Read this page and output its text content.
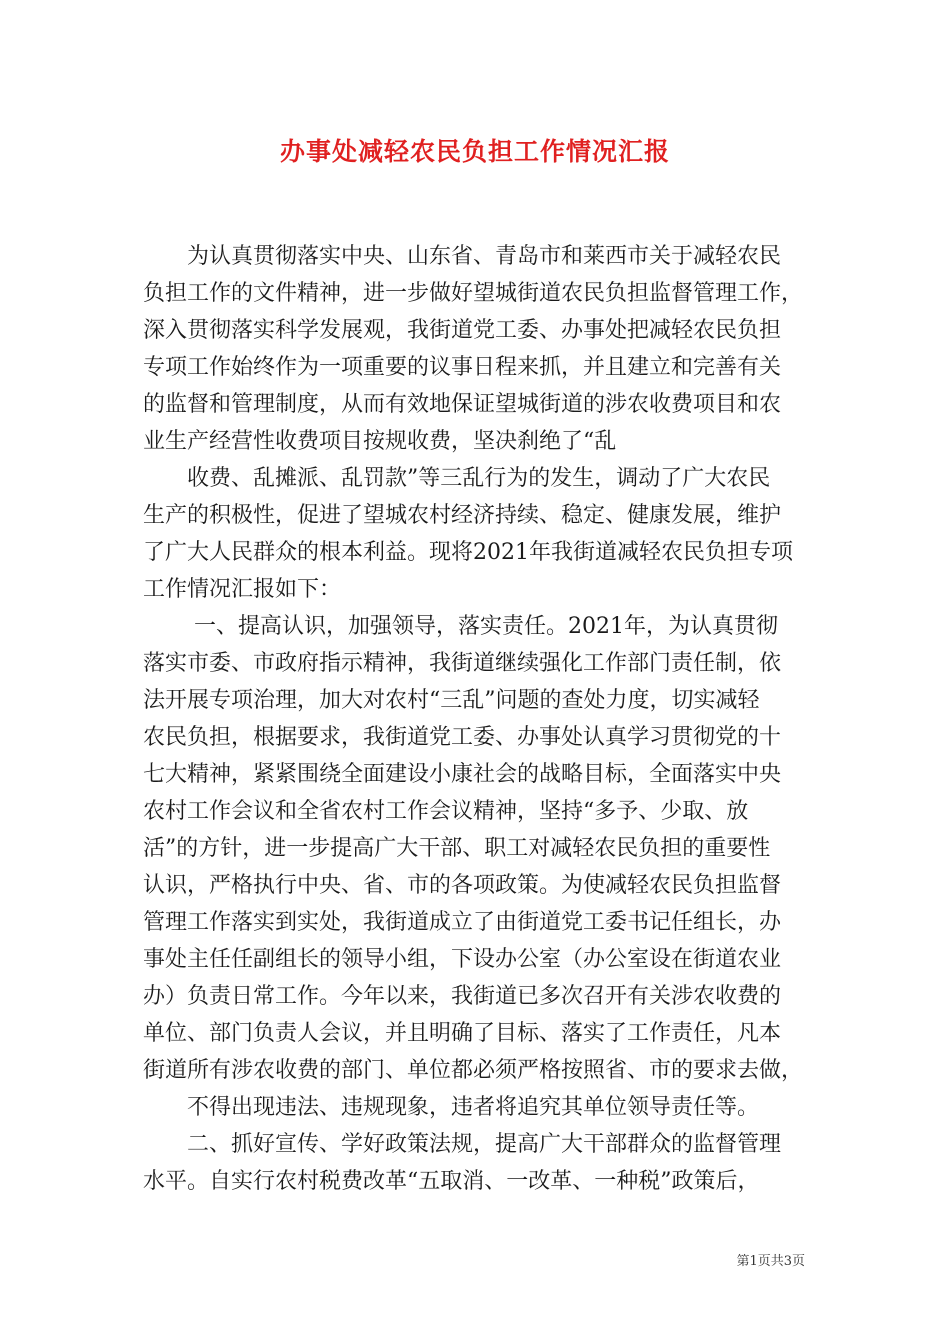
办事处减轻农民负担工作情况汇报
　　为认真贯彻落实中央、山东省、青岛市和莱西市关于减轻农民
负担工作的文件精神，进一步做好望城街道农民负担监督管理工作，
深入贯彻落实科学发展观，我街道党工委、办事处把减轻农民负担
专项工作始终作为一项重要的议事日程来抓，并且建立和完善有关
的监督和管理制度，从而有效地保证望城街道的涉农收费项目和农
业生产经营性收费项目按规收费，坚决刹绝了“乱
　　收费、乱摊派、乱罚款”等三乱行为的发生，调动了广大农民
生产的积极性，促进了望城农村经济持续、稳定、健康发展，维护
了广大人民群众的根本利益。现将2021年我街道减轻农民负担专项
工作情况汇报如下：
　　 一、提高认识，加强领导，落实责任。2021年，为认真贯彻
落实市委、市政府指示精神，我街道继续强化工作部门责任制，依
法开展专项治理，加大对农村“三乱”问题的查处力度，切实减轻
农民负担，根据要求，我街道党工委、办事处认真学习贯彻党的十
七大精神，紧紧围绕全面建设小康社会的战略目标，全面落实中央
农村工作会议和全省农村工作会议精神，坚持“多予、少取、放
活”的方针，进一步提高广大干部、职工对减轻农民负担的重要性
认识，严格执行中央、省、市的各项政策。为使减轻农民负担监督
管理工作落实到实处，我街道成立了由街道党工委书记任组长，办
事处主任任副组长的领导小组，下设办公室（办公室设在街道农业
办）负责日常工作。今年以来，我街道已多次召开有关涉农收费的
单位、部门负责人会议，并且明确了目标、落实了工作责任，凡本
街道所有涉农收费的部门、单位都必须严格按照省、市的要求去做，
　　不得出现违法、违规现象，违者将追究其单位领导责任等。
　　二、抓好宣传、学好政策法规，提高广大干部群众的监督管理
水平。自实行农村税费改革“五取消、一改革、一种税”政策后，
第1页共3页
